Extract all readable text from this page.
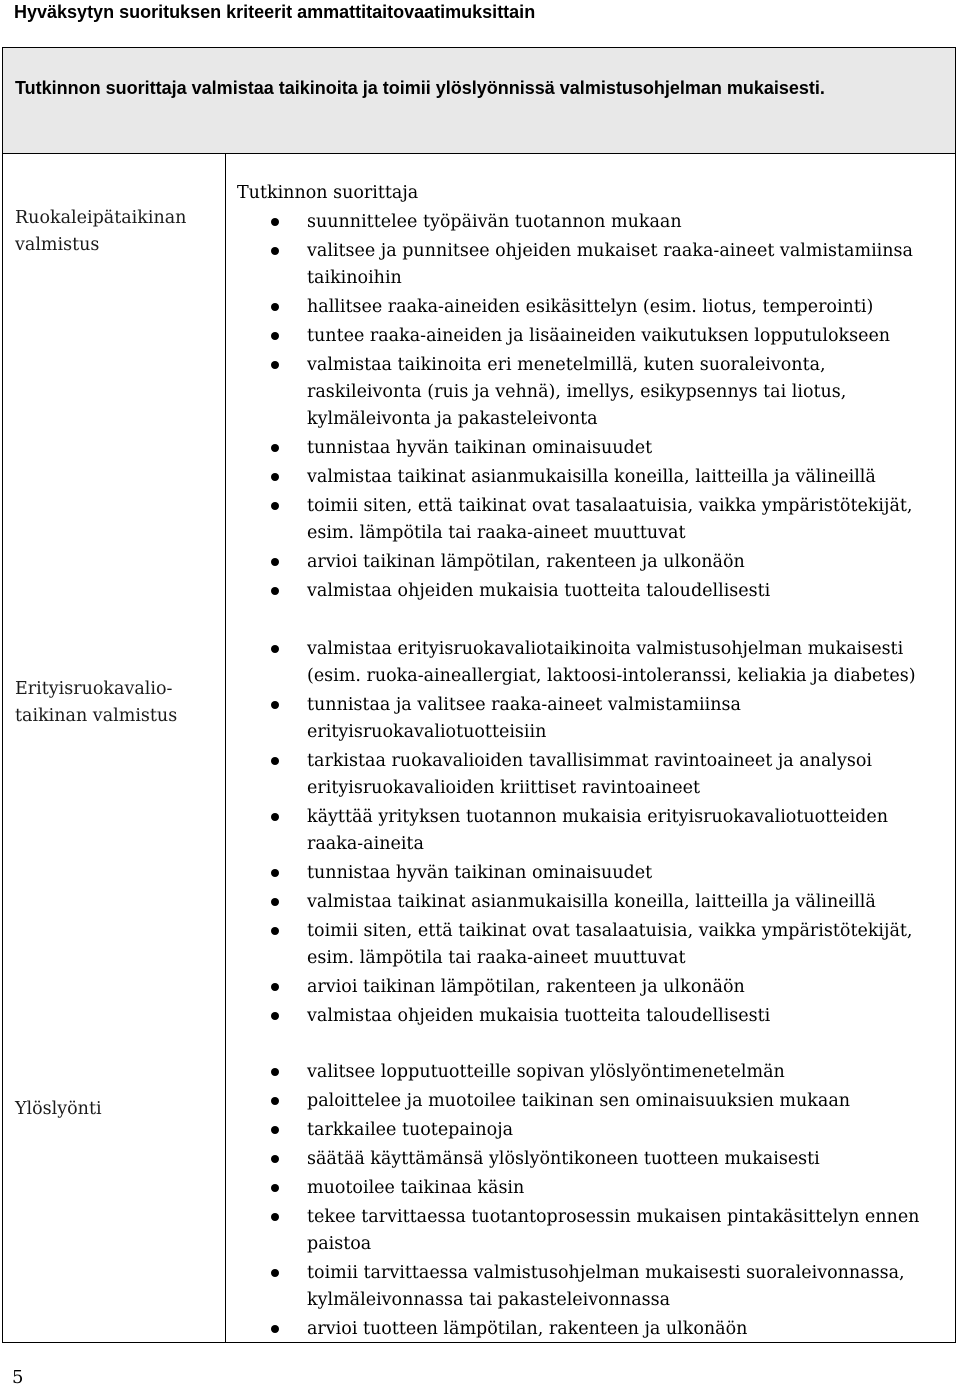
Hyväksytyn suorituksen kriteerit ammattitaitovaatimuksittain
Tutkinnon suorittaja valmistaa taikinoita ja toimii ylöslyönnissä valmistusohjelman mukaisesti.
Ruokaleipätaikinan valmistus
Tutkinnon suorittaja
suunnittelee työpäivän tuotannon mukaan
valitsee ja punnitsee ohjeiden mukaiset raaka-aineet valmistamiinsa taikinoihin
hallitsee raaka-aineiden esikäsittelyn (esim. liotus, temperointi)
tuntee raaka-aineiden ja lisäaineiden vaikutuksen lopputulokseen
valmistaa taikinoita eri menetelmillä, kuten suoraleivonta, raskileivonta (ruis ja vehnä), imellys, esikypsennys tai liotus, kylmäleivonta ja pakasteleivonta
tunnistaa hyvän taikinan ominaisuudet
valmistaa taikinat asianmukaisilla koneilla, laitteilla ja välineillä
toimii siten, että taikinat ovat tasalaatuisia, vaikka ympäristötekijät, esim. lämpötila tai raaka-aineet muuttuvat
arvioi taikinan lämpötilan, rakenteen ja ulkonäön
valmistaa ohjeiden mukaisia tuotteita taloudellisesti
Erityisruokavalio-taikinan valmistus
valmistaa erityisruokavaliotaikinoita valmistusohjelman mukaisesti (esim. ruoka-aineallergiat, laktoosi-intoleranssi, keliakia ja diabetes)
tunnistaa ja valitsee raaka-aineet valmistamiinsa erityisruokavaliotuotteisiin
tarkistaa ruokavalioiden tavallisimmat ravintoaineet ja analysoi erityisruokavalioiden kriittiset ravintoaineet
käyttää yrityksen tuotannon mukaisia erityisruokavaliotuotteiden raaka-aineita
tunnistaa hyvän taikinan ominaisuudet
valmistaa taikinat asianmukaisilla koneilla, laitteilla ja välineillä
toimii siten, että taikinat ovat tasalaatuisia, vaikka ympäristötekijät, esim. lämpötila tai raaka-aineet muuttuvat
arvioi taikinan lämpötilan, rakenteen ja ulkonäön
valmistaa ohjeiden mukaisia tuotteita taloudellisesti
Ylöslyönti
valitsee lopputuotteille sopivan ylöslyöntimenetelmän
paloittelee ja muotoilee taikinan sen ominaisuuksien mukaan
tarkkailee tuotepainoja
säätää käyttämänsä ylöslyöntikoneen tuotteen mukaisesti
muotoilee taikinaa käsin
tekee tarvittaessa tuotantoprosessin mukaisen pintakäsittelyn ennen paistoa
toimii tarvittaessa valmistusohjelman mukaisesti suoraleivonnassa, kylmäleivonnassa tai pakasteleivonnassa
arvioi tuotteen lämpötilan, rakenteen ja ulkonäön
5
